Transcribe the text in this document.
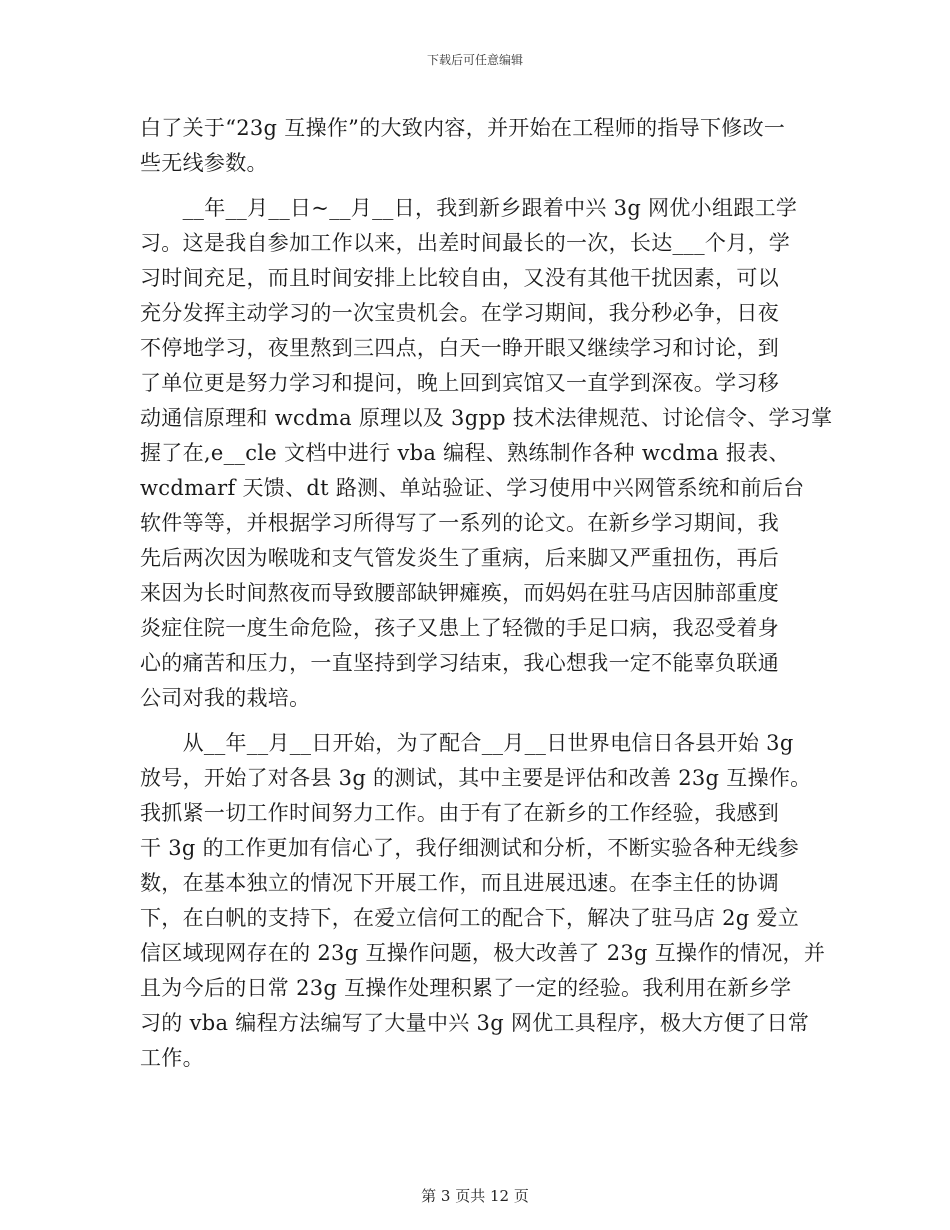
下载后可任意编辑
白了关于“23g 互操作”的大致内容，并开始在工程师的指导下修改一
些无线参数。
　　__年__月__日~__月__日，我到新乡跟着中兴 3g 网优小组跟工学
习。这是我自参加工作以来，出差时间最长的一次，长达___个月，学
习时间充足，而且时间安排上比较自由，又没有其他干扰因素，可以
充分发挥主动学习的一次宝贵机会。在学习期间，我分秒必争，日夜
不停地学习，夜里熬到三四点，白天一睁开眼又继续学习和讨论，到
了单位更是努力学习和提问，晚上回到宾馆又一直学到深夜。学习移
动通信原理和 wcdma 原理以及 3gpp 技术法律规范、讨论信令、学习掌
握了在,e__cle 文档中进行 vba 编程、熟练制作各种 wcdma 报表、
wcdmarf 天馈、dt 路测、单站验证、学习使用中兴网管系统和前后台
软件等等，并根据学习所得写了一系列的论文。在新乡学习期间，我
先后两次因为喉咙和支气管发炎生了重病，后来脚又严重扭伤，再后
来因为长时间熬夜而导致腰部缺钾瘫痪，而妈妈在驻马店因肺部重度
炎症住院一度生命危险，孩子又患上了轻微的手足口病，我忍受着身
心的痛苦和压力，一直坚持到学习结束，我心想我一定不能辜负联通
公司对我的栽培。
　　从__年__月__日开始，为了配合__月__日世界电信日各县开始 3g
放号，开始了对各县 3g 的测试，其中主要是评估和改善 23g 互操作。
我抓紧一切工作时间努力工作。由于有了在新乡的工作经验，我感到
干 3g 的工作更加有信心了，我仔细测试和分析，不断实验各种无线参
数，在基本独立的情况下开展工作，而且进展迅速。在李主任的协调
下，在白帆的支持下，在爱立信何工的配合下，解决了驻马店 2g 爱立
信区域现网存在的 23g 互操作问题，极大改善了 23g 互操作的情况，并
且为今后的日常 23g 互操作处理积累了一定的经验。我利用在新乡学
习的 vba 编程方法编写了大量中兴 3g 网优工具程序，极大方便了日常
工作。
第 3 页共 12 页
